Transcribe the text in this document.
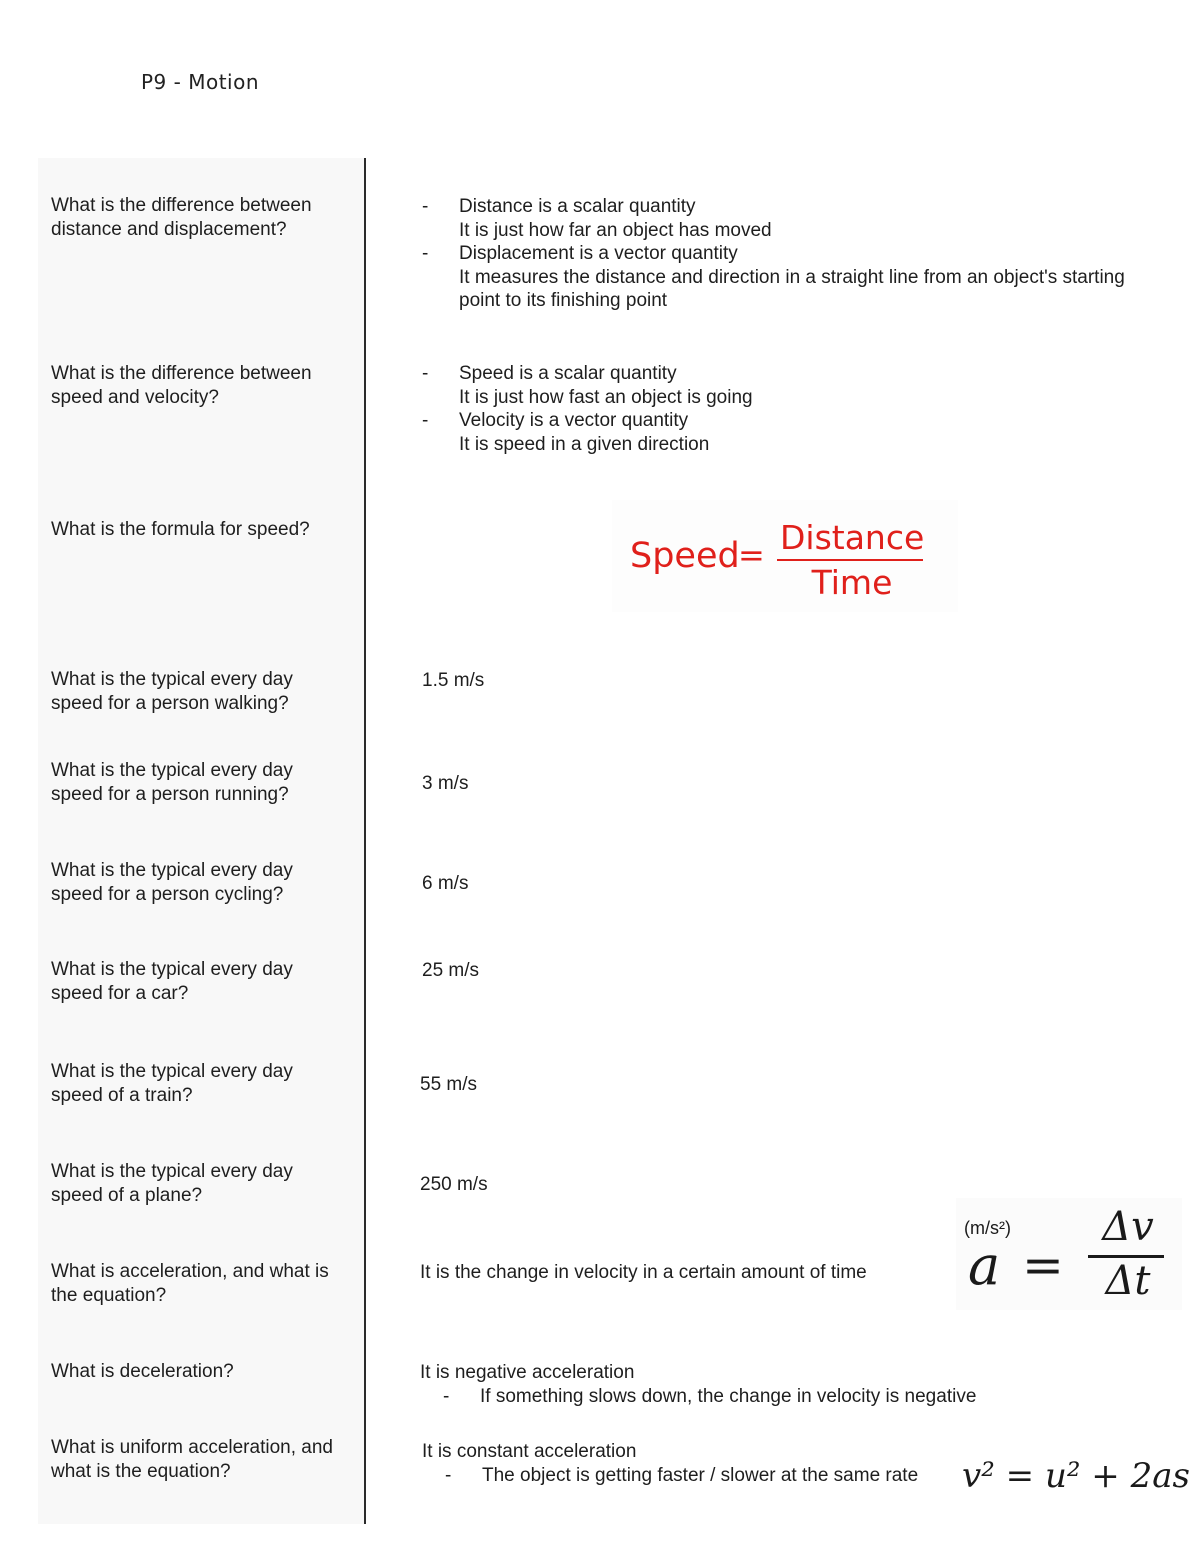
P9 - Motion
What is the difference between distance and displacement?
- Distance is a scalar quantity
It is just how far an object has moved
- Displacement is a vector quantity
It measures the distance and direction in a straight line from an object's starting point to its finishing point
What is the difference between speed and velocity?
- Speed is a scalar quantity
It is just how fast an object is going
- Velocity is a vector quantity
It is speed in a given direction
What is the formula for speed?
Speed
= Distance
Time
What is the typical every day speed for a person walking?
1.5 m/s
What is the typical every day speed for a person running?
3 m/s
What is the typical every day speed for a person cycling?
6 m/s
What is the typical every day speed for a car?
25 m/s
What is the typical every day speed of a train?
55 m/s
What is the typical every day speed of a plane?
250 m/s
What is acceleration, and what is the equation?
It is the change in velocity in a certain amount of time
(m/s²)
a =
Δv
Δt
What is deceleration?	It is negative acceleration
- If something slows down, the change in velocity is negative
What is uniform acceleration, and what is the equation?
It is constant acceleration
- The object is getting faster / slower at the same rate	v² = u² + 2as
